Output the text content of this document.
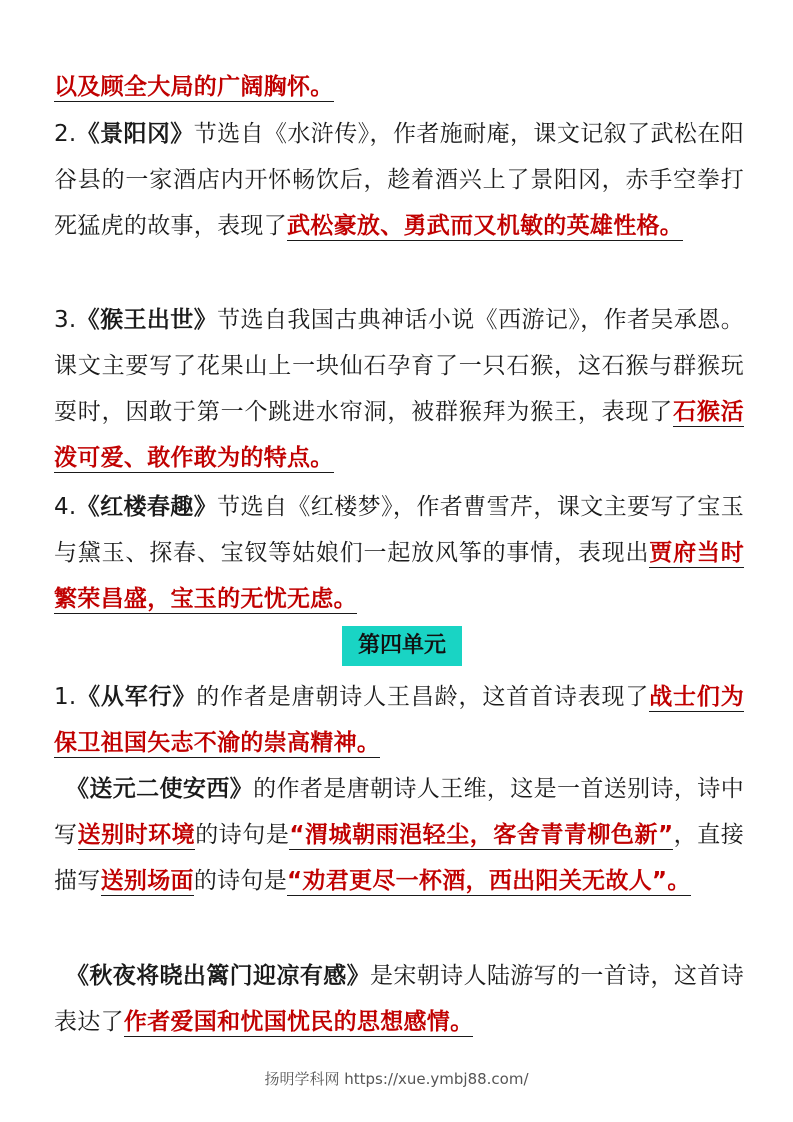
以及顾全大局的广阔胸怀。

2.《景阳冈》节选自《水浒传》，作者施耐庵，课文记叙了武松在阳谷县的一家酒店内开怀畅饮后，趁着酒兴上了景阳冈，赤手空拳打死猛虎的故事，表现了武松豪放、勇武而又机敏的英雄性格。

3.《猴王出世》节选自我国古典神话小说《西游记》，作者吴承恩。课文主要写了花果山上一块仙石孕育了一只石猴，这石猴与群猴玩耍时，因敢于第一个跳进水帘洞，被群猴拜为猴王，表现了石猴活泼可爱、敢作敢为的特点。

4.《红楼春趣》节选自《红楼梦》，作者曹雪芹，课文主要写了宝玉与黛玉、探春、宝钗等姑娘们一起放风筝的事情，表现出贾府当时繁荣昌盛，宝玉的无忧无虑。

第四单元

1.《从军行》的作者是唐朝诗人王昌龄，这首首诗表现了战士们为保卫祖国矢志不渝的崇高精神。

《送元二使安西》的作者是唐朝诗人王维，这是一首送别诗，诗中写送别时环境的诗句是“渭城朝雨浥轻尘，客舍青青柳色新”，直接描写送别场面的诗句是“劝君更尽一杯酒，西出阳关无故人”。

《秋夜将晓出篱门迎凉有感》是宋朝诗人陆游写的一首诗，这首诗表达了作者爱国和忧国忧民的思想感情。

扬明学科网 https://xue.ymbj88.com/
